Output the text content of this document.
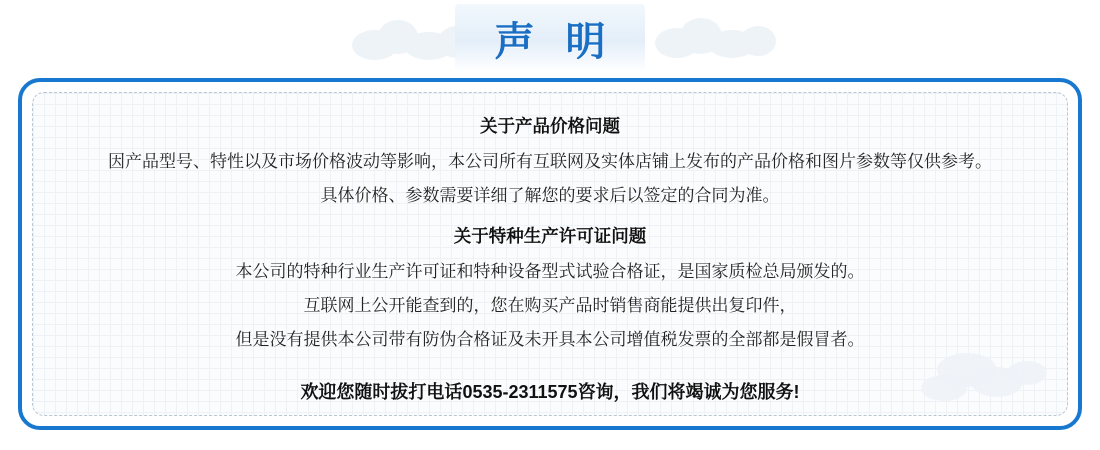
声 明
关于产品价格问题
因产品型号、特性以及市场价格波动等影响，本公司所有互联网及实体店铺上发布的产品价格和图片参数等仅供参考。
具体价格、参数需要详细了解您的要求后以签定的合同为准。
关于特种生产许可证问题
本公司的特种行业生产许可证和特种设备型式试验合格证，是国家质检总局颁发的。
互联网上公开能查到的，您在购买产品时销售商能提供出复印件，
但是没有提供本公司带有防伪合格证及未开具本公司增值税发票的全部都是假冒者。
欢迎您随时拔打电话0535-2311575咨询，我们将竭诚为您服务!
